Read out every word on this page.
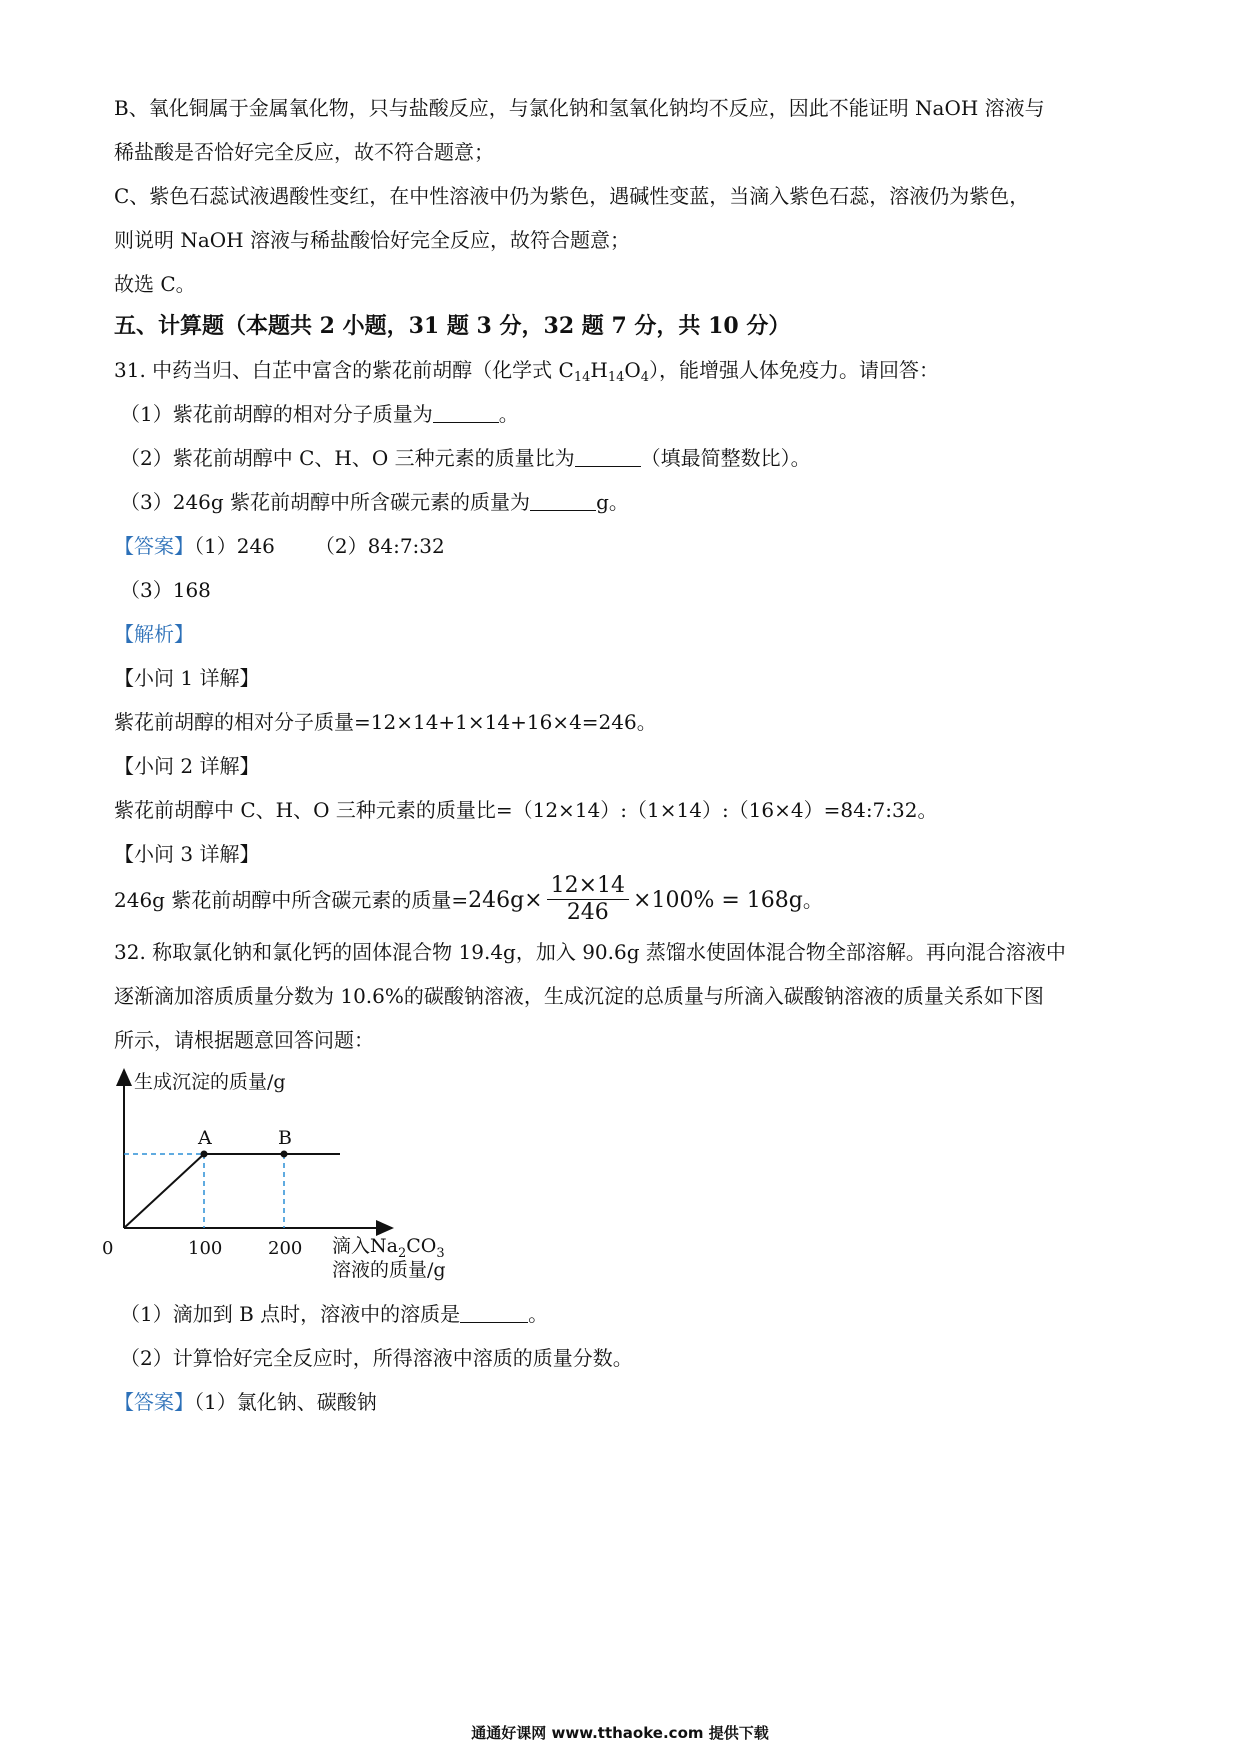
B、氧化铜属于金属氧化物，只与盐酸反应，与氯化钠和氢氧化钠均不反应，因此不能证明 NaOH 溶液与
稀盐酸是否恰好完全反应，故不符合题意；
C、紫色石蕊试液遇酸性变红，在中性溶液中仍为紫色，遇碱性变蓝，当滴入紫色石蕊，溶液仍为紫色，
则说明 NaOH 溶液与稀盐酸恰好完全反应，故符合题意；
故选 C。
五、计算题（本题共 2 小题，31 题 3 分，32 题 7 分，共 10 分）
31. 中药当归、白芷中富含的紫花前胡醇（化学式 $C_{14}H_{14}O_4$），能增强人体免疫力。请回答：
（1）紫花前胡醇的相对分子质量为	。
（2）紫花前胡醇中 C、H、O 三种元素的质量比为	（填最简整数比）。
（3）246g 紫花前胡醇中所含碳元素的质量为	g。
【答案】（1）246 （2）84:7:32
（3）168
【解析】
【小问 1 详解】
紫花前胡醇的相对分子质量=12×14+1×14+16×4=246。
【小问 2 详解】
紫花前胡醇中 C、H、O 三种元素的质量比=（12×14）:（1×14）:（16×4）=84:7:32。
【小问 3 详解】
246g 紫花前胡醇中所含碳元素的质量$=246g\times \frac{12\times 14}{246} \times 100\% = 168g$。
32. 称取氯化钠和氯化钙的固体混合物 19.4g，加入 90.6g 蒸馏水使固体混合物全部溶解。再向混合溶液中
逐渐滴加溶质质量分数为 10.6%的碳酸钠溶液，生成沉淀的总质量与所滴入碳酸钠溶液的质量关系如下图
所示，请根据题意回答问题：
生成沉淀的质量/g
0
A	B
100	200 滴入$Na_2CO_3$
溶液的质量/g
（1）滴加到 B 点时，溶液中的溶质是	。
（2）计算恰好完全反应时，所得溶液中溶质的质量分数。
【答案】（1）氯化钠、碳酸钠
通通好课网 www.tthaoke.com 提供下载
